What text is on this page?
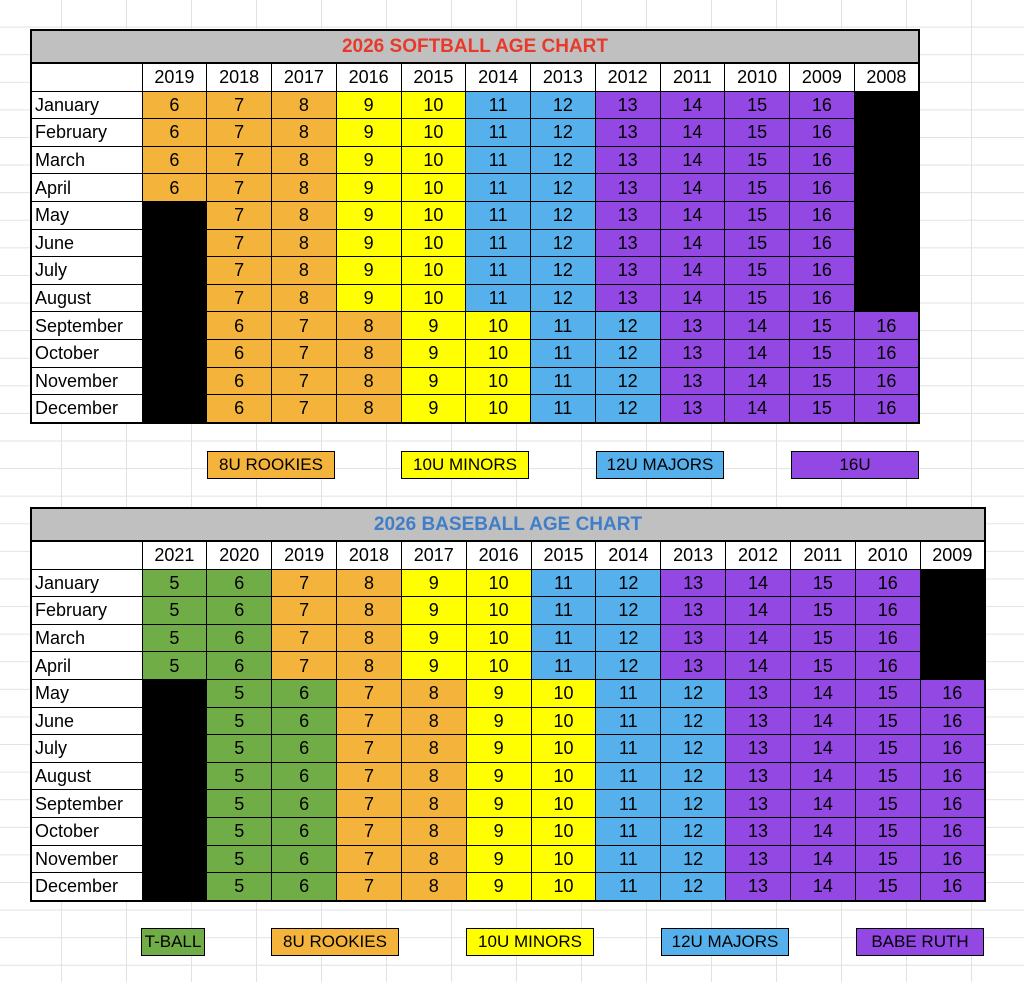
2026 SOFTBALL AGE CHART
	2019	2018	2017	2016	2015	2014	2013	2012	2011	2010	2009	2008
January	6	7	8	9	10	11	12	13	14	15	16	
February	6	7	8	9	10	11	12	13	14	15	16	
March	6	7	8	9	10	11	12	13	14	15	16	
April	6	7	8	9	10	11	12	13	14	15	16	
May		7	8	9	10	11	12	13	14	15	16	
June		7	8	9	10	11	12	13	14	15	16	
July		7	8	9	10	11	12	13	14	15	16	
August		7	8	9	10	11	12	13	14	15	16	
September		6	7	8	9	10	11	12	13	14	15	16
October		6	7	8	9	10	11	12	13	14	15	16
November		6	7	8	9	10	11	12	13	14	15	16
December		6	7	8	9	10	11	12	13	14	15	16
8U ROOKIES	10U MINORS	12U MAJORS	16U
2026 BASEBALL AGE CHART
	2021	2020	2019	2018	2017	2016	2015	2014	2013	2012	2011	2010	2009
January	5	6	7	8	9	10	11	12	13	14	15	16	
February	5	6	7	8	9	10	11	12	13	14	15	16	
March	5	6	7	8	9	10	11	12	13	14	15	16	
April	5	6	7	8	9	10	11	12	13	14	15	16	
May		5	6	7	8	9	10	11	12	13	14	15	16
June		5	6	7	8	9	10	11	12	13	14	15	16
July		5	6	7	8	9	10	11	12	13	14	15	16
August		5	6	7	8	9	10	11	12	13	14	15	16
September		5	6	7	8	9	10	11	12	13	14	15	16
October		5	6	7	8	9	10	11	12	13	14	15	16
November		5	6	7	8	9	10	11	12	13	14	15	16
December		5	6	7	8	9	10	11	12	13	14	15	16
T-BALL	8U ROOKIES	10U MINORS	12U MAJORS	BABE RUTH
